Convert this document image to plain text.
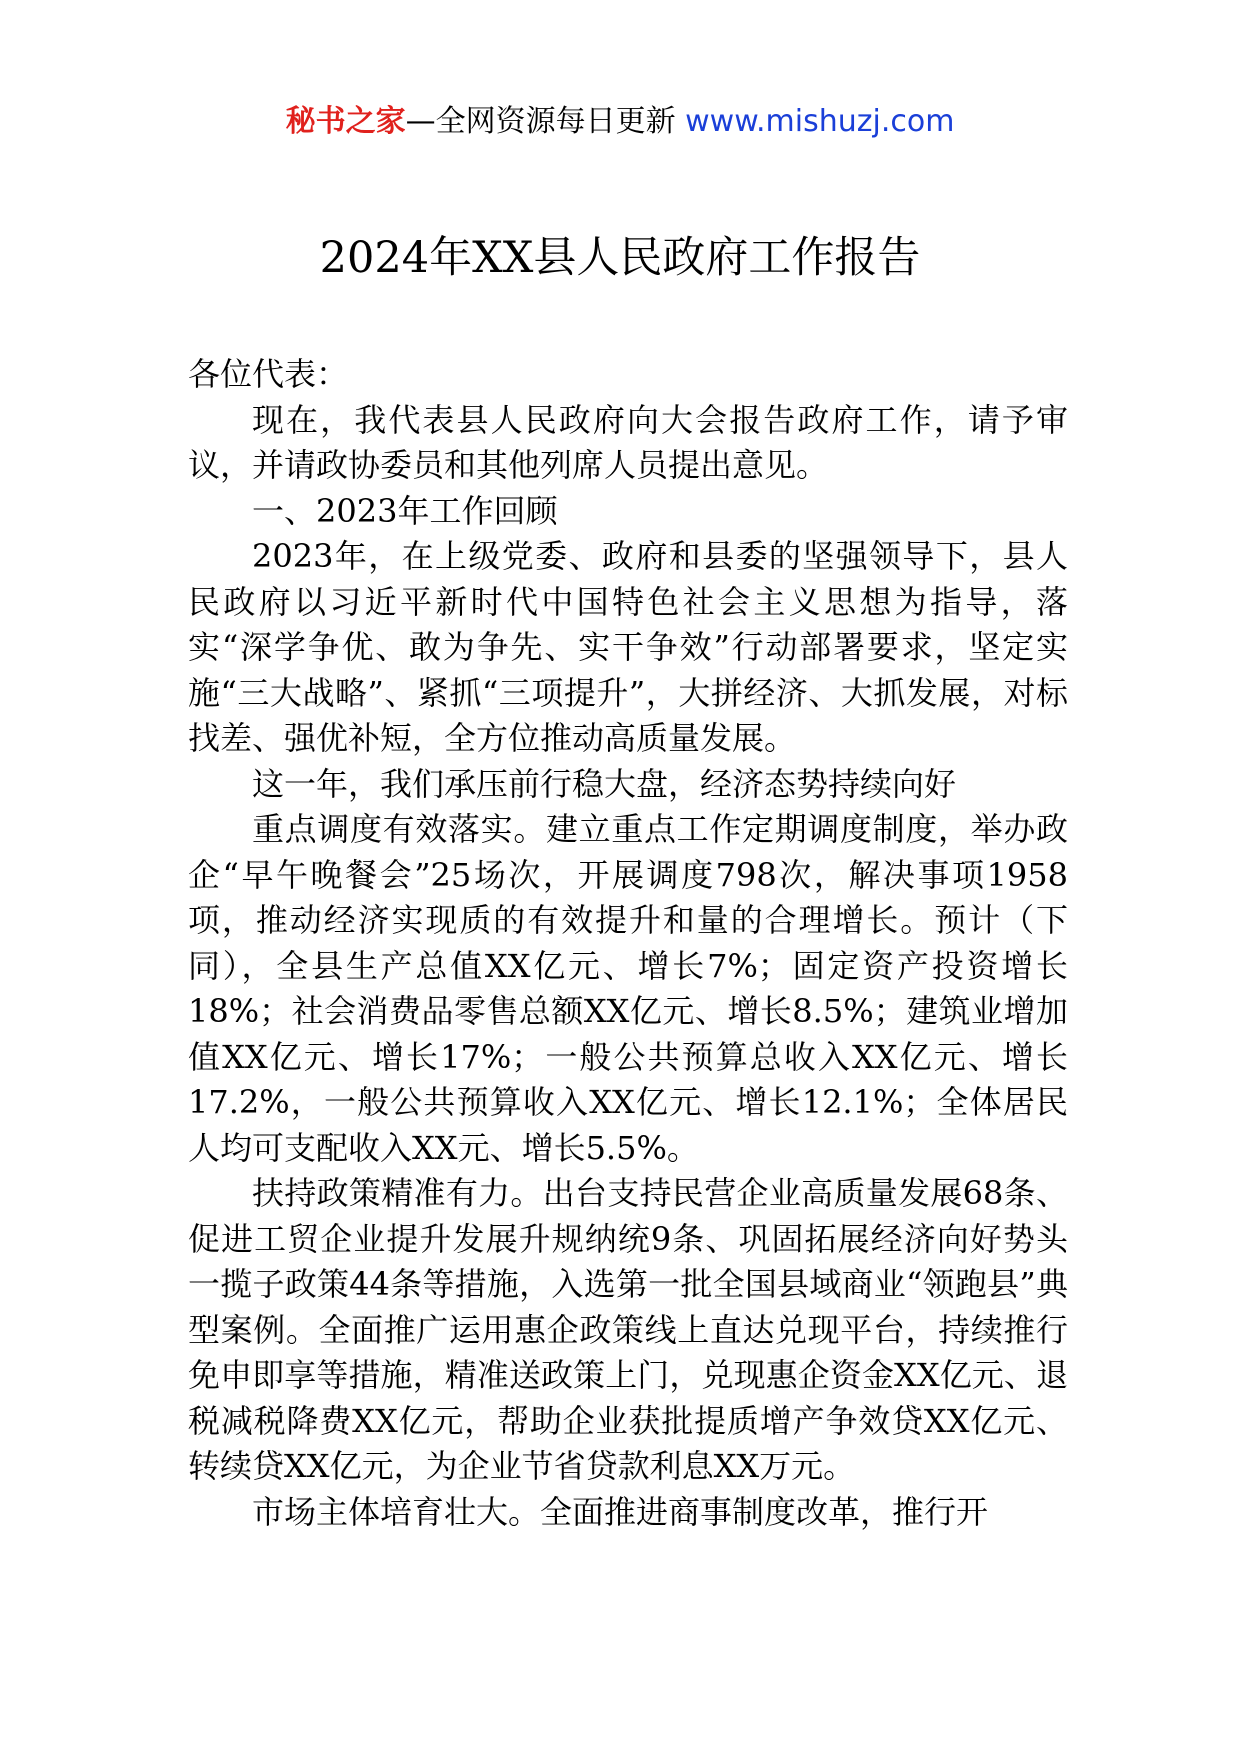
秘书之家—全网资源每日更新 www.mishuzj.com
2024年XX县人民政府工作报告

各位代表：

现在，我代表县人民政府向大会报告政府工作，请予审议，并请政协委员和其他列席人员提出意见。

一、2023年工作回顾

2023年，在上级党委、政府和县委的坚强领导下，县人民政府以习近平新时代中国特色社会主义思想为指导，落实“深学争优、敢为争先、实干争效”行动部署要求，坚定实施“三大战略”、紧抓“三项提升”，大拼经济、大抓发展，对标找差、强优补短，全方位推动高质量发展。

这一年，我们承压前行稳大盘，经济态势持续向好

重点调度有效落实。建立重点工作定期调度制度，举办政企“早午晚餐会”25场次，开展调度798次，解决事项1958项，推动经济实现质的有效提升和量的合理增长。预计（下同），全县生产总值XX亿元、增长7%；固定资产投资增长18%；社会消费品零售总额XX亿元、增长8.5%；建筑业增加值XX亿元、增长17%；一般公共预算总收入XX亿元、增长17.2%，一般公共预算收入XX亿元、增长12.1%；全体居民人均可支配收入XX元、增长5.5%。

扶持政策精准有力。出台支持民营企业高质量发展68条、促进工贸企业提升发展升规纳统9条、巩固拓展经济向好势头一揽子政策44条等措施，入选第一批全国县域商业“领跑县”典型案例。全面推广运用惠企政策线上直达兑现平台，持续推行免申即享等措施，精准送政策上门，兑现惠企资金XX亿元、退税减税降费XX亿元，帮助企业获批提质增产争效贷XX亿元、转续贷XX亿元，为企业节省贷款利息XX万元。

市场主体培育壮大。全面推进商事制度改革，推行开
